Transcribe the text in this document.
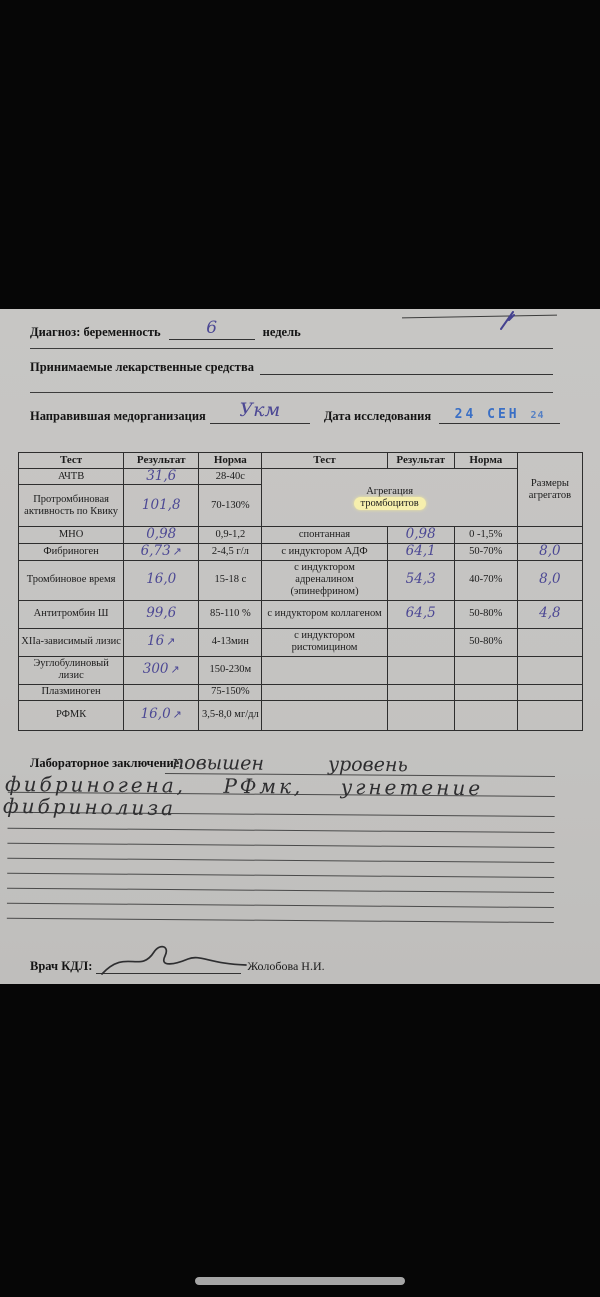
Диагноз: беременность	6	недель
Принимаемые лекарственные средства
Направившая медорганизация	Укм	Дата исследования	24 СЕН 24
Тест	Результат	Норма	Тест	Результат	Норма	Размеры агрегатов
АЧТВ	31,6	28-40с	Агрегация
тромбоцитов			
Протромбиновая активность по Квику	101,8	70-130%				
МНО	0,98	0,9-1,2	спонтанная	0,98	0 -1,5%	
Фибриноген	6,73 ↗	2-4,5 г/л	с индуктором АДФ	64,1	50-70%	8,0
Тромбиновое время	16,0	15-18 с	с индуктором адреналином (эпинефрином)	54,3	40-70%	8,0
Антитромбин Ш	99,6	85-110 %	с индуктором коллагеном	64,5	50-80%	4,8
XIIа-зависимый лизис	16 ↗	4-13мин	с индуктором ристомицином		50-80%	
Эуглобулиновый лизис	300 ↗	150-230м				
Плазминоген		75-150%				
РФМК	16,0 ↗	3,5-8,0 мг/дл				
Лабораторное заключение:
повышен уровень
фибриногена, РФмк, угнетение
фибринолиза
Врач КДЛ:	Жолобова Н.И.
